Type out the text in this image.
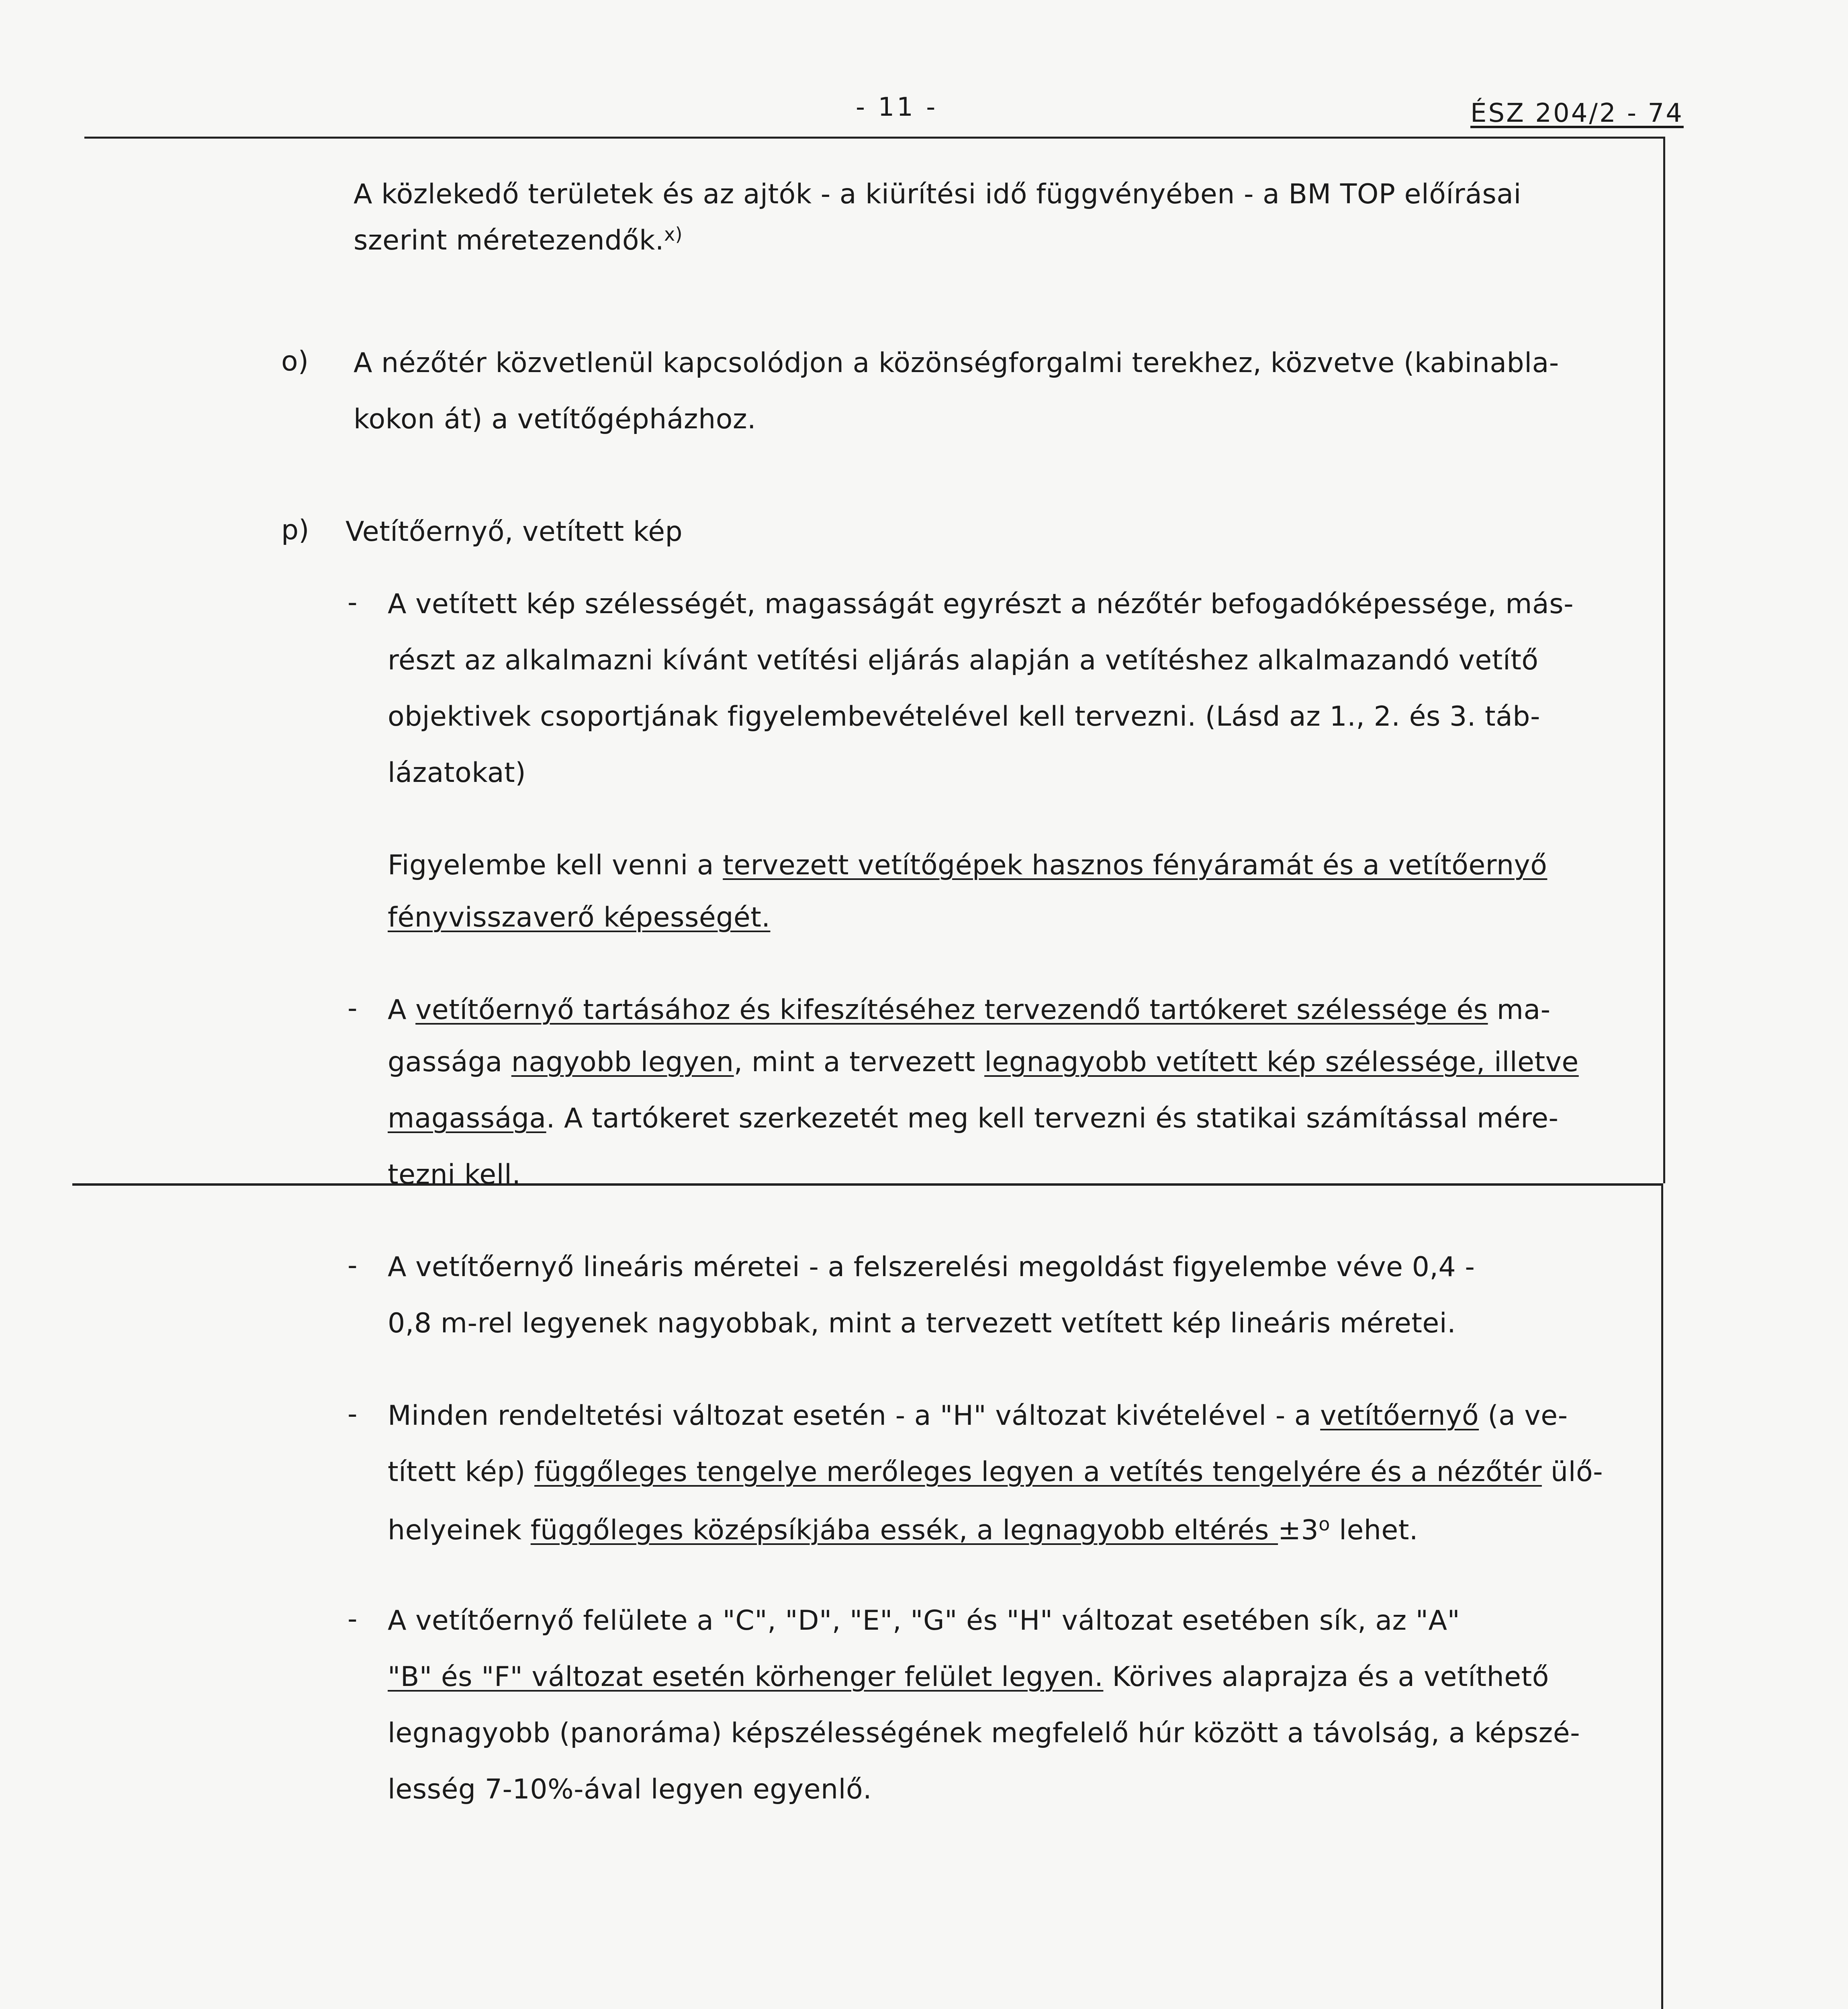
- 11 -	ÉSZ 204/2 - 74
A közlekedő területek és az ajtók - a kiürítési idő függvényében - a BM TOP előírásai
szerint méretezendők.$^{x)}$
o) A nézőtér közvetlenül kapcsolódjon a közönségforgalmi terekhez, közvetve (kabinabla-
kokon át) a vetítőgépházhoz.
p) Vetítőernyő, vetített kép
- A vetített kép szélességét, magasságát egyrészt a nézőtér befogadóképessége, más-
részt az alkalmazni kívánt vetítési eljárás alapján a vetítéshez alkalmazandó vetítő
objektivek csoportjának figyelembevételével kell tervezni. (Lásd az 1., 2. és 3. táb-
lázatokat)
Figyelembe kell venni a tervezett vetítőgépek hasznos fényáramát és a vetítőernyő
fényvisszaverő képességét.
- A vetítőernyő tartásához és kifeszítéséhez tervezendő tartókeret szélessége és ma-
gassága nagyobb legyen, mint a tervezett legnagyobb vetített kép szélessége, illetve
magassága. A tartókeret szerkezetét meg kell tervezni és statikai számítással mére-
tezni kell.
- A vetítőernyő lineáris méretei - a felszerelési megoldást figyelembe véve 0,4 -
0,8 m-rel legyenek nagyobbak, mint a tervezett vetített kép lineáris méretei.
- Minden rendeltetési változat esetén - a "H" változat kivételével - a vetítőernyő (a ve-
tített kép) függőleges tengelye merőleges legyen a vetítés tengelyére és a nézőtér ülő-
helyeinek függőleges középsíkjába essék, a legnagyobb eltérés $\pm 3^o$ lehet.
- A vetítőernyő felülete a "C", "D", "E", "G" és "H" változat esetében sík, az "A"
"B" és "F" változat esetén körhenger felület legyen. Körives alaprajza és a vetíthető
legnagyobb (panoráma) képszélességének megfelelő húr között a távolság, a képszé-
lesség 7-10%-ával legyen egyenlő.
